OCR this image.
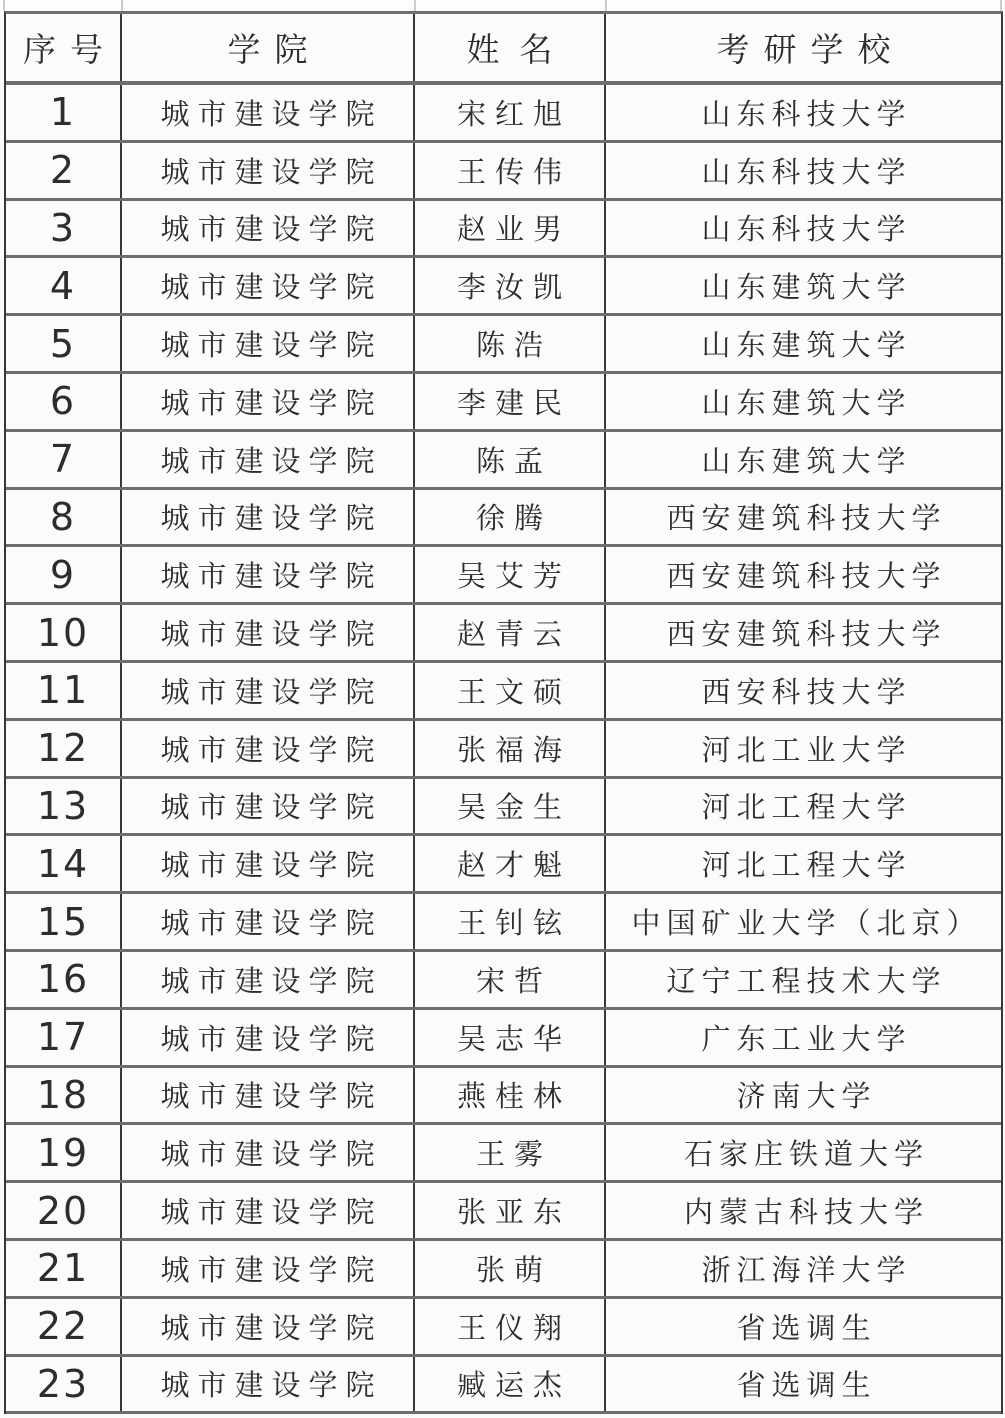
序号	学院	姓名	考研学校
1	城市建设学院	宋红旭	山东科技大学
2	城市建设学院	王传伟	山东科技大学
3	城市建设学院	赵业男	山东科技大学
4	城市建设学院	李汝凯	山东建筑大学
5	城市建设学院	陈浩	山东建筑大学
6	城市建设学院	李建民	山东建筑大学
7	城市建设学院	陈孟	山东建筑大学
8	城市建设学院	徐腾	西安建筑科技大学
9	城市建设学院	吴艾芳	西安建筑科技大学
10	城市建设学院	赵青云	西安建筑科技大学
11	城市建设学院	王文硕	西安科技大学
12	城市建设学院	张福海	河北工业大学
13	城市建设学院	吴金生	河北工程大学
14	城市建设学院	赵才魁	河北工程大学
15	城市建设学院	王钊铉	中国矿业大学（北京）
16	城市建设学院	宋哲	辽宁工程技术大学
17	城市建设学院	吴志华	广东工业大学
18	城市建设学院	燕桂林	济南大学
19	城市建设学院	王雾	石家庄铁道大学
20	城市建设学院	张亚东	内蒙古科技大学
21	城市建设学院	张萌	浙江海洋大学
22	城市建设学院	王仪翔	省选调生
23	城市建设学院	臧运杰	省选调生
